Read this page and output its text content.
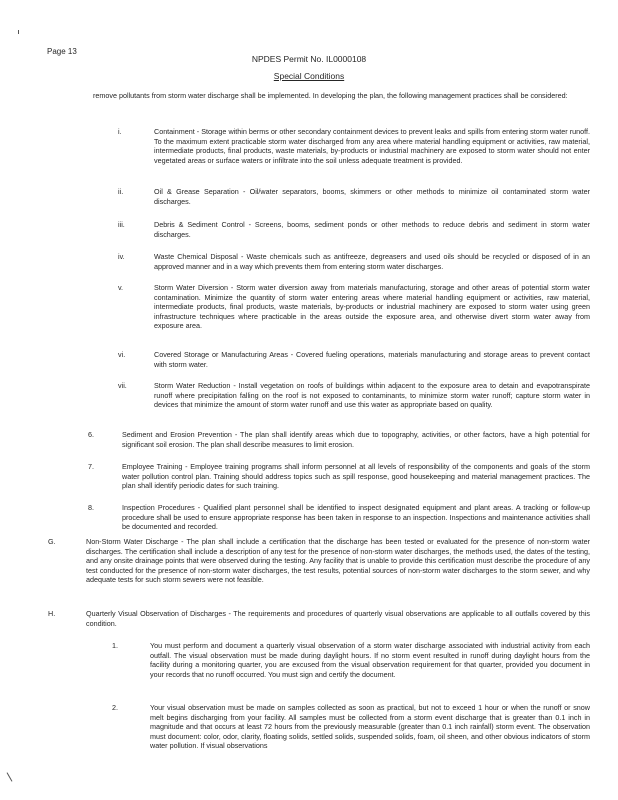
Page 13
NPDES Permit No. IL0000108
Special Conditions
remove pollutants from storm water discharge shall be implemented. In developing the plan, the following management practices shall be considered:
i.	Containment - Storage within berms or other secondary containment devices to prevent leaks and spills from entering storm water runoff. To the maximum extent practicable storm water discharged from any area where material handling equipment or activities, raw material, intermediate products, final products, waste materials, by-products or industrial machinery are exposed to storm water should not enter vegetated areas or surface waters or infiltrate into the soil unless adequate treatment is provided.
ii.	Oil & Grease Separation - Oil/water separators, booms, skimmers or other methods to minimize oil contaminated storm water discharges.
iii.	Debris & Sediment Control - Screens, booms, sediment ponds or other methods to reduce debris and sediment in storm water discharges.
iv.	Waste Chemical Disposal - Waste chemicals such as antifreeze, degreasers and used oils should be recycled or disposed of in an approved manner and in a way which prevents them from entering storm water discharges.
v.	Storm Water Diversion - Storm water diversion away from materials manufacturing, storage and other areas of potential storm water contamination. Minimize the quantity of storm water entering areas where material handling equipment or activities, raw material, intermediate products, final products, waste materials, by-products or industrial machinery are exposed to storm water using green infrastructure techniques where practicable in the areas outside the exposure area, and otherwise divert storm water away from exposure area.
vi.	Covered Storage or Manufacturing Areas - Covered fueling operations, materials manufacturing and storage areas to prevent contact with storm water.
vii.	Storm Water Reduction - Install vegetation on roofs of buildings within adjacent to the exposure area to detain and evapotranspirate runoff where precipitation falling on the roof is not exposed to contaminants, to minimize storm water runoff; capture storm water in devices that minimize the amount of storm water runoff and use this water as appropriate based on quality.
6.	Sediment and Erosion Prevention - The plan shall identify areas which due to topography, activities, or other factors, have a high potential for significant soil erosion. The plan shall describe measures to limit erosion.
7.	Employee Training - Employee training programs shall inform personnel at all levels of responsibility of the components and goals of the storm water pollution control plan. Training should address topics such as spill response, good housekeeping and material management practices. The plan shall identify periodic dates for such training.
8.	Inspection Procedures - Qualified plant personnel shall be identified to inspect designated equipment and plant areas. A tracking or follow-up procedure shall be used to ensure appropriate response has been taken in response to an inspection. Inspections and maintenance activities shall be documented and recorded.
G.	Non-Storm Water Discharge - The plan shall include a certification that the discharge has been tested or evaluated for the presence of non-storm water discharges. The certification shall include a description of any test for the presence of non-storm water discharges, the methods used, the dates of the testing, and any onsite drainage points that were observed during the testing. Any facility that is unable to provide this certification must describe the procedure of any test conducted for the presence of non-storm water discharges, the test results, potential sources of non-storm water discharges to the storm sewer, and why adequate tests for such storm sewers were not feasible.
H.	Quarterly Visual Observation of Discharges - The requirements and procedures of quarterly visual observations are applicable to all outfalls covered by this condition.
1.	You must perform and document a quarterly visual observation of a storm water discharge associated with industrial activity from each outfall. The visual observation must be made during daylight hours. If no storm event resulted in runoff during daylight hours from the facility during a monitoring quarter, you are excused from the visual observation requirement for that quarter, provided you document in your records that no runoff occurred. You must sign and certify the document.
2.	Your visual observation must be made on samples collected as soon as practical, but not to exceed 1 hour or when the runoff or snow melt begins discharging from your facility. All samples must be collected from a storm event discharge that is greater than 0.1 inch in magnitude and that occurs at least 72 hours from the previously measurable (greater than 0.1 inch rainfall) storm event. The observation must document: color, odor, clarity, floating solids, settled solids, suspended solids, foam, oil sheen, and other obvious indicators of storm water pollution. If visual observations
